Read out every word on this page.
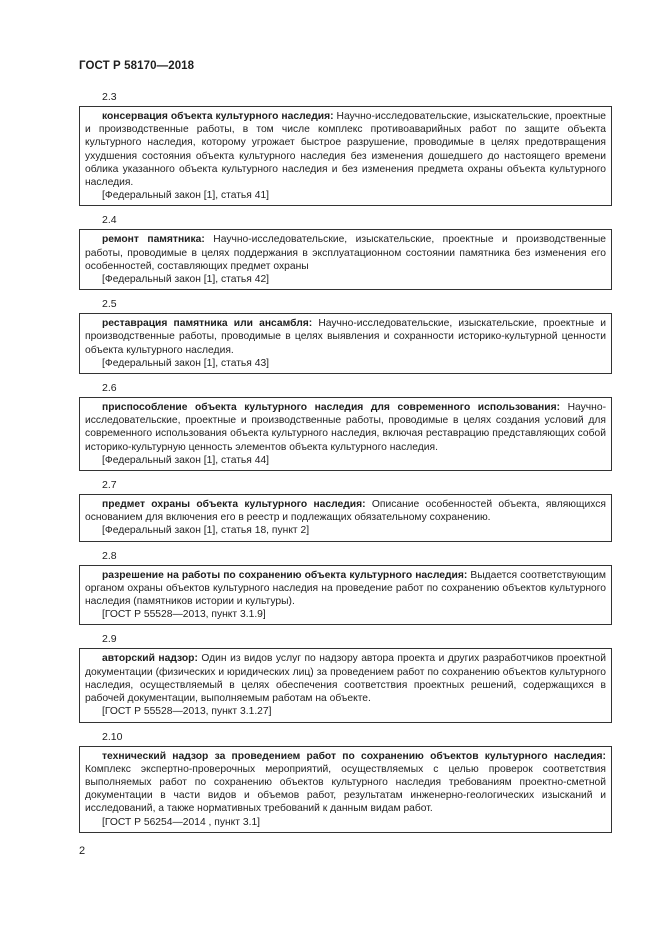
ГОСТ Р 58170—2018
2.3

консервация объекта культурного наследия: Научно-исследовательские, изыскательские, проектные и производственные работы, в том числе комплекс противоаварийных работ по защите объекта культурного наследия, которому угрожает быстрое разрушение, проводимые в целях предотвращения ухудшения состояния объекта культурного наследия без изменения дошедшего до настоящего времени облика указанного объекта культурного наследия и без изменения предмета охраны объекта культурного наследия.

[Федеральный закон [1], статья 41]

2.4

ремонт памятника: Научно-исследовательские, изыскательские, проектные и производственные работы, проводимые в целях поддержания в эксплуатационном состоянии памятника без изменения его особенностей, составляющих предмет охраны

[Федеральный закон [1], статья 42]

2.5

реставрация памятника или ансамбля: Научно-исследовательские, изыскательские, проектные и производственные работы, проводимые в целях выявления и сохранности историко-культурной ценности объекта культурного наследия.

[Федеральный закон [1], статья 43]

2.6

приспособление объекта культурного наследия для современного использования: Научно-исследовательские, проектные и производственные работы, проводимые в целях создания условий для современного использования объекта культурного наследия, включая реставрацию представляющих собой историко-культурную ценность элементов объекта культурного наследия.

[Федеральный закон [1], статья 44]

2.7

предмет охраны объекта культурного наследия: Описание особенностей объекта, являющихся основанием для включения его в реестр и подлежащих обязательному сохранению.

[Федеральный закон [1], статья 18, пункт 2]

2.8

разрешение на работы по сохранению объекта культурного наследия: Выдается соответствующим органом охраны объектов культурного наследия на проведение работ по сохранению объектов культурного наследия (памятников истории и культуры).

[ГОСТ Р 55528—2013, пункт 3.1.9]

2.9

авторский надзор: Один из видов услуг по надзору автора проекта и других разработчиков проектной документации (физических и юридических лиц) за проведением работ по сохранению объектов культурного наследия, осуществляемый в целях обеспечения соответствия проектных решений, содержащихся в рабочей документации, выполняемым работам на объекте.

[ГОСТ Р 55528—2013, пункт 3.1.27]

2.10

технический надзор за проведением работ по сохранению объектов культурного наследия: Комплекс экспертно-проверочных мероприятий, осуществляемых с целью проверок соответствия выполняемых работ по сохранению объектов культурного наследия требованиям проектно-сметной документации в части видов и объемов работ, результатам инженерно-геологических изысканий и исследований, а также нормативных требований к данным видам работ.

[ГОСТ Р 56254—2014 , пункт 3.1]

2
